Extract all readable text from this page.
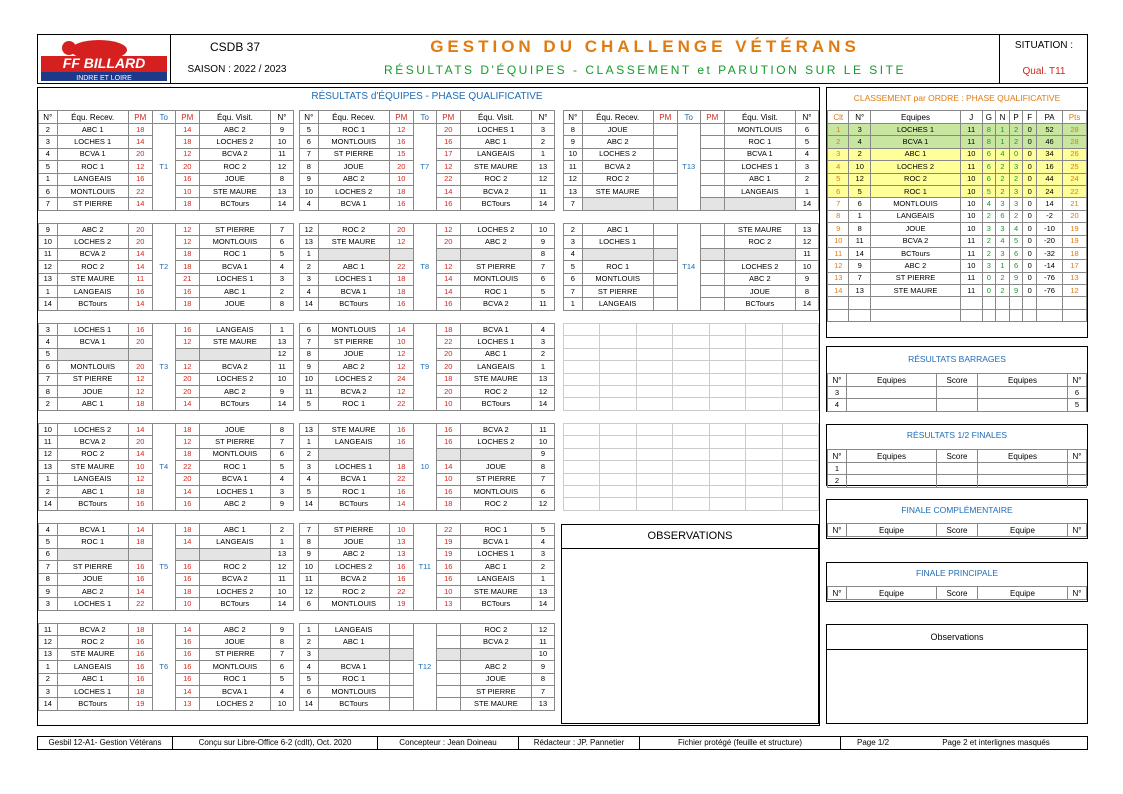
FF BILLARD
INDRE ET LOIRE
CSDB 37
SAISON : 2022 / 2023
GESTION DU CHALLENGE VÉTÉRANS
RÉSULTATS D'ÉQUIPES - CLASSEMENT et PARUTION SUR LE SITE
SITUATION :
Qual. T11
RÉSULTATS d'ÉQUIPES - PHASE QUALIFICATIVE
N°	Équ. Recev.	PM	To	PM	Équ. Visit.	N°
2	ABC 1	18	T1	14	ABC 2	9
3	LOCHES 1	14		18	LOCHES 2	10
4	BCVA 1	20		12	BCVA 2	11
5	ROC 1	12		20	ROC 2	12
1	LANGEAIS	16		16	JOUE	8
6	MONTLOUIS	22		10	STE MAURE	13
7	ST PIERRE	14		18	BCTours	14
N°	Équ. Recev.	PM	To	PM	Équ. Visit.	N°
5	ROC 1	12	T7	20	LOCHES 1	3
6	MONTLOUIS	16		16	ABC 1	2
7	ST PIERRE	15		17	LANGEAIS	1
8	JOUE	20		12	STE MAURE	13
9	ABC 2	10		22	ROC 2	12
10	LOCHES 2	18		14	BCVA 2	11
4	BCVA 1	16		16	BCTours	14
N°	Équ. Recev.	PM	To	PM	Équ. Visit.	N°
8	JOUE		T13		MONTLOUIS	6
9	ABC 2				ROC 1	5
10	LOCHES 2				BCVA 1	4
11	BCVA 2				LOCHES 1	3
12	ROC 2				ABC 1	2
13	STE MAURE				LANGEAIS	1
7						14
9	ABC 2	20	T2	12	ST PIERRE	7
10	LOCHES 2	20		12	MONTLOUIS	6
11	BCVA 2	14		18	ROC 1	5
12	ROC 2	14		18	BCVA 1	4
13	STE MAURE	11		21	LOCHES 1	3
1	LANGEAIS	16		16	ABC 1	2
14	BCTours	14		18	JOUE	8
12	ROC 2	20	T8	12	LOCHES 2	10
13	STE MAURE	12		20	ABC 2	9
1						8
2	ABC 1	22		12	ST PIERRE	7
3	LOCHES 1	18		14	MONTLOUIS	6
4	BCVA 1	18		14	ROC 1	5
14	BCTours	16		16	BCVA 2	11
2	ABC 1		T14		STE MAURE	13
3	LOCHES 1				ROC 2	12
4						11
5	ROC 1				LOCHES 2	10
6	MONTLOUIS				ABC 2	9
7	ST PIERRE				JOUE	8
1	LANGEAIS				BCTours	14
3	LOCHES 1	16	T3	16	LANGEAIS	1
4	BCVA 1	20		12	STE MAURE	13
5						12
6	MONTLOUIS	20		12	BCVA 2	11
7	ST PIERRE	12		20	LOCHES 2	10
8	JOUE	12		20	ABC 2	9
2	ABC 1	18		14	BCTours	14
6	MONTLOUIS	14	T9	18	BCVA 1	4
7	ST PIERRE	10		22	LOCHES 1	3
8	JOUE	12		20	ABC 1	2
9	ABC 2	12		20	LANGEAIS	1
10	LOCHES 2	24		18	STE MAURE	13
11	BCVA 2	12		20	ROC 2	12
5	ROC 1	22		10	BCTours	14

10	LOCHES 2	14	T4	18	JOUE	8
11	BCVA 2	20		12	ST PIERRE	7
12	ROC 2	14		18	MONTLOUIS	6
13	STE MAURE	10		22	ROC 1	5
1	LANGEAIS	12		20	BCVA 1	4
2	ABC 1	18		14	LOCHES 1	3
14	BCTours	16		16	ABC 2	9
13	STE MAURE	16	10	16	BCVA 2	11
1	LANGEAIS	16		16	LOCHES 2	10
2						9
3	LOCHES 1	18		14	JOUE	8
4	BCVA 1	22		10	ST PIERRE	7
5	ROC 1	16		16	MONTLOUIS	6
14	BCTours	14		18	ROC 2	12

4	BCVA 1	14	T5	18	ABC 1	2
5	ROC 1	18		14	LANGEAIS	1
6						13
7	ST PIERRE	16		16	ROC 2	12
8	JOUE	16		16	BCVA 2	11
9	ABC 2	14		18	LOCHES 2	10
3	LOCHES 1	22		10	BCTours	14
7	ST PIERRE	10	T11	22	ROC 1	5
8	JOUE	13		19	BCVA 1	4
9	ABC 2	13		19	LOCHES 1	3
10	LOCHES 2	16		16	ABC 1	2
11	BCVA 2	16		16	LANGEAIS	1
12	ROC 2	22		10	STE MAURE	13
6	MONTLOUIS	19		13	BCTours	14
11	BCVA 2	18	T6	14	ABC 2	9
12	ROC 2	16		16	JOUE	8
13	STE MAURE	16		16	ST PIERRE	7
1	LANGEAIS	16		16	MONTLOUIS	6
2	ABC 1	16		16	ROC 1	5
3	LOCHES 1	18		14	BCVA 1	4
14	BCTours	19		13	LOCHES 2	10
1	LANGEAIS		T12		ROC 2	12
2	ABC 1				BCVA 2	11
3						10
4	BCVA 1				ABC 2	9
5	ROC 1				JOUE	8
6	MONTLOUIS				ST PIERRE	7
14	BCTours				STE MAURE	13
OBSERVATIONS
CLASSEMENT par ORDRE : PHASE QUALIFICATIVE
Clt	N°	Equipes	J	G	N	P	F	PA	Pts
1	3	LOCHES 1	11	8	1	2	0	52	28
2	4	BCVA 1	11	8	1	2	0	46	28
3	2	ABC 1	10	6	4	0	0	34	26
4	10	LOCHES 2	11	6	2	3	0	16	25
5	12	ROC 2	10	6	2	2	0	44	24
6	5	ROC 1	10	5	2	3	0	24	22
7	6	MONTLOUIS	10	4	3	3	0	14	21
8	1	LANGEAIS	10	2	6	2	0	-2	20
9	8	JOUE	10	3	3	4	0	-10	19
10	11	BCVA 2	11	2	4	5	0	-20	19
11	14	BCTours	11	2	3	6	0	-32	18
12	9	ABC 2	10	3	1	6	0	-14	17
13	7	ST PIERRE	11	0	2	9	0	-76	13
14	13	STE MAURE	11	0	2	9	0	-76	12

RÉSULTATS BARRAGES
N°	Equipes	Score	Equipes	N°
3				6
4				5
RÉSULTATS 1/2 FINALES
N°	Equipes	Score	Equipes	N°
1				
2				
FINALE COMPLÉMENTAIRE
N°	Equipe	Score	Equipe	N°
FINALE PRINCIPALE
N°	Equipe	Score	Equipe	N°
Observations
Gesbil 12-A1- Gestion Vétérans	Conçu sur Libre-Office 6-2 (cdlt), Oct. 2020	Concepteur : Jean Doineau	Rédacteur : JP. Pannetier	Fichier protégé (feuille et structure)	Page 1/2	Page 2 et interlignes masqués
